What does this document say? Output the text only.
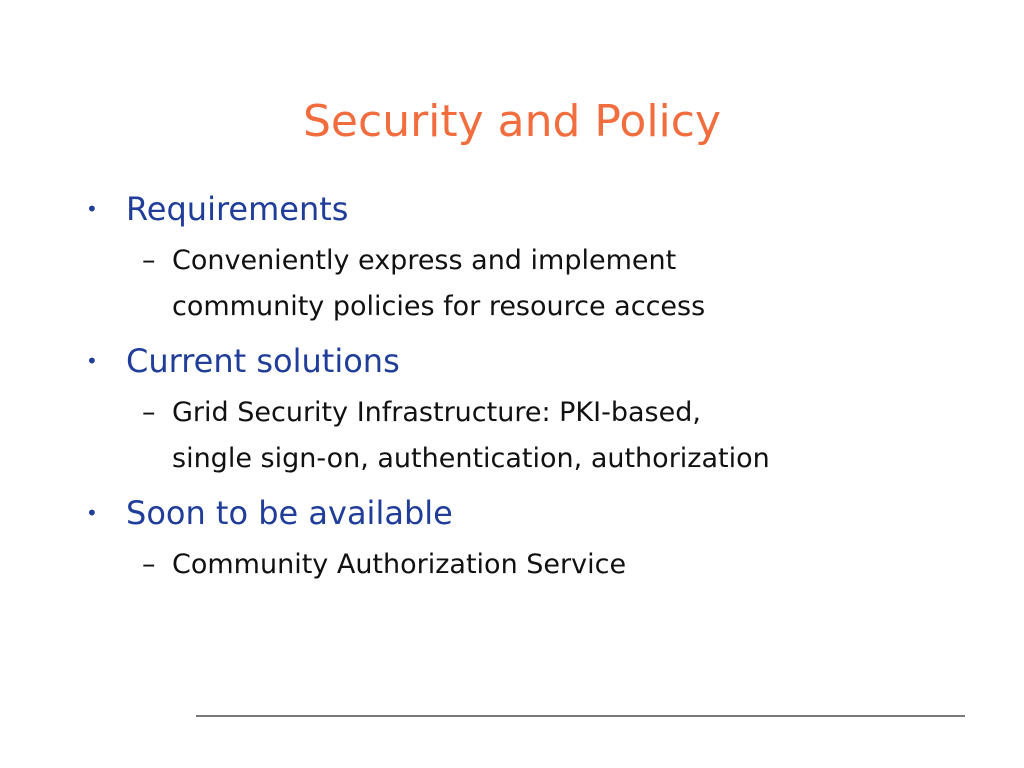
Security and Policy
• Requirements
– Conveniently express and implement
community policies for resource access
• Current solutions
– Grid Security Infrastructure: PKI-based,
single sign-on, authentication, authorization
• Soon to be available
– Community Authorization Service
